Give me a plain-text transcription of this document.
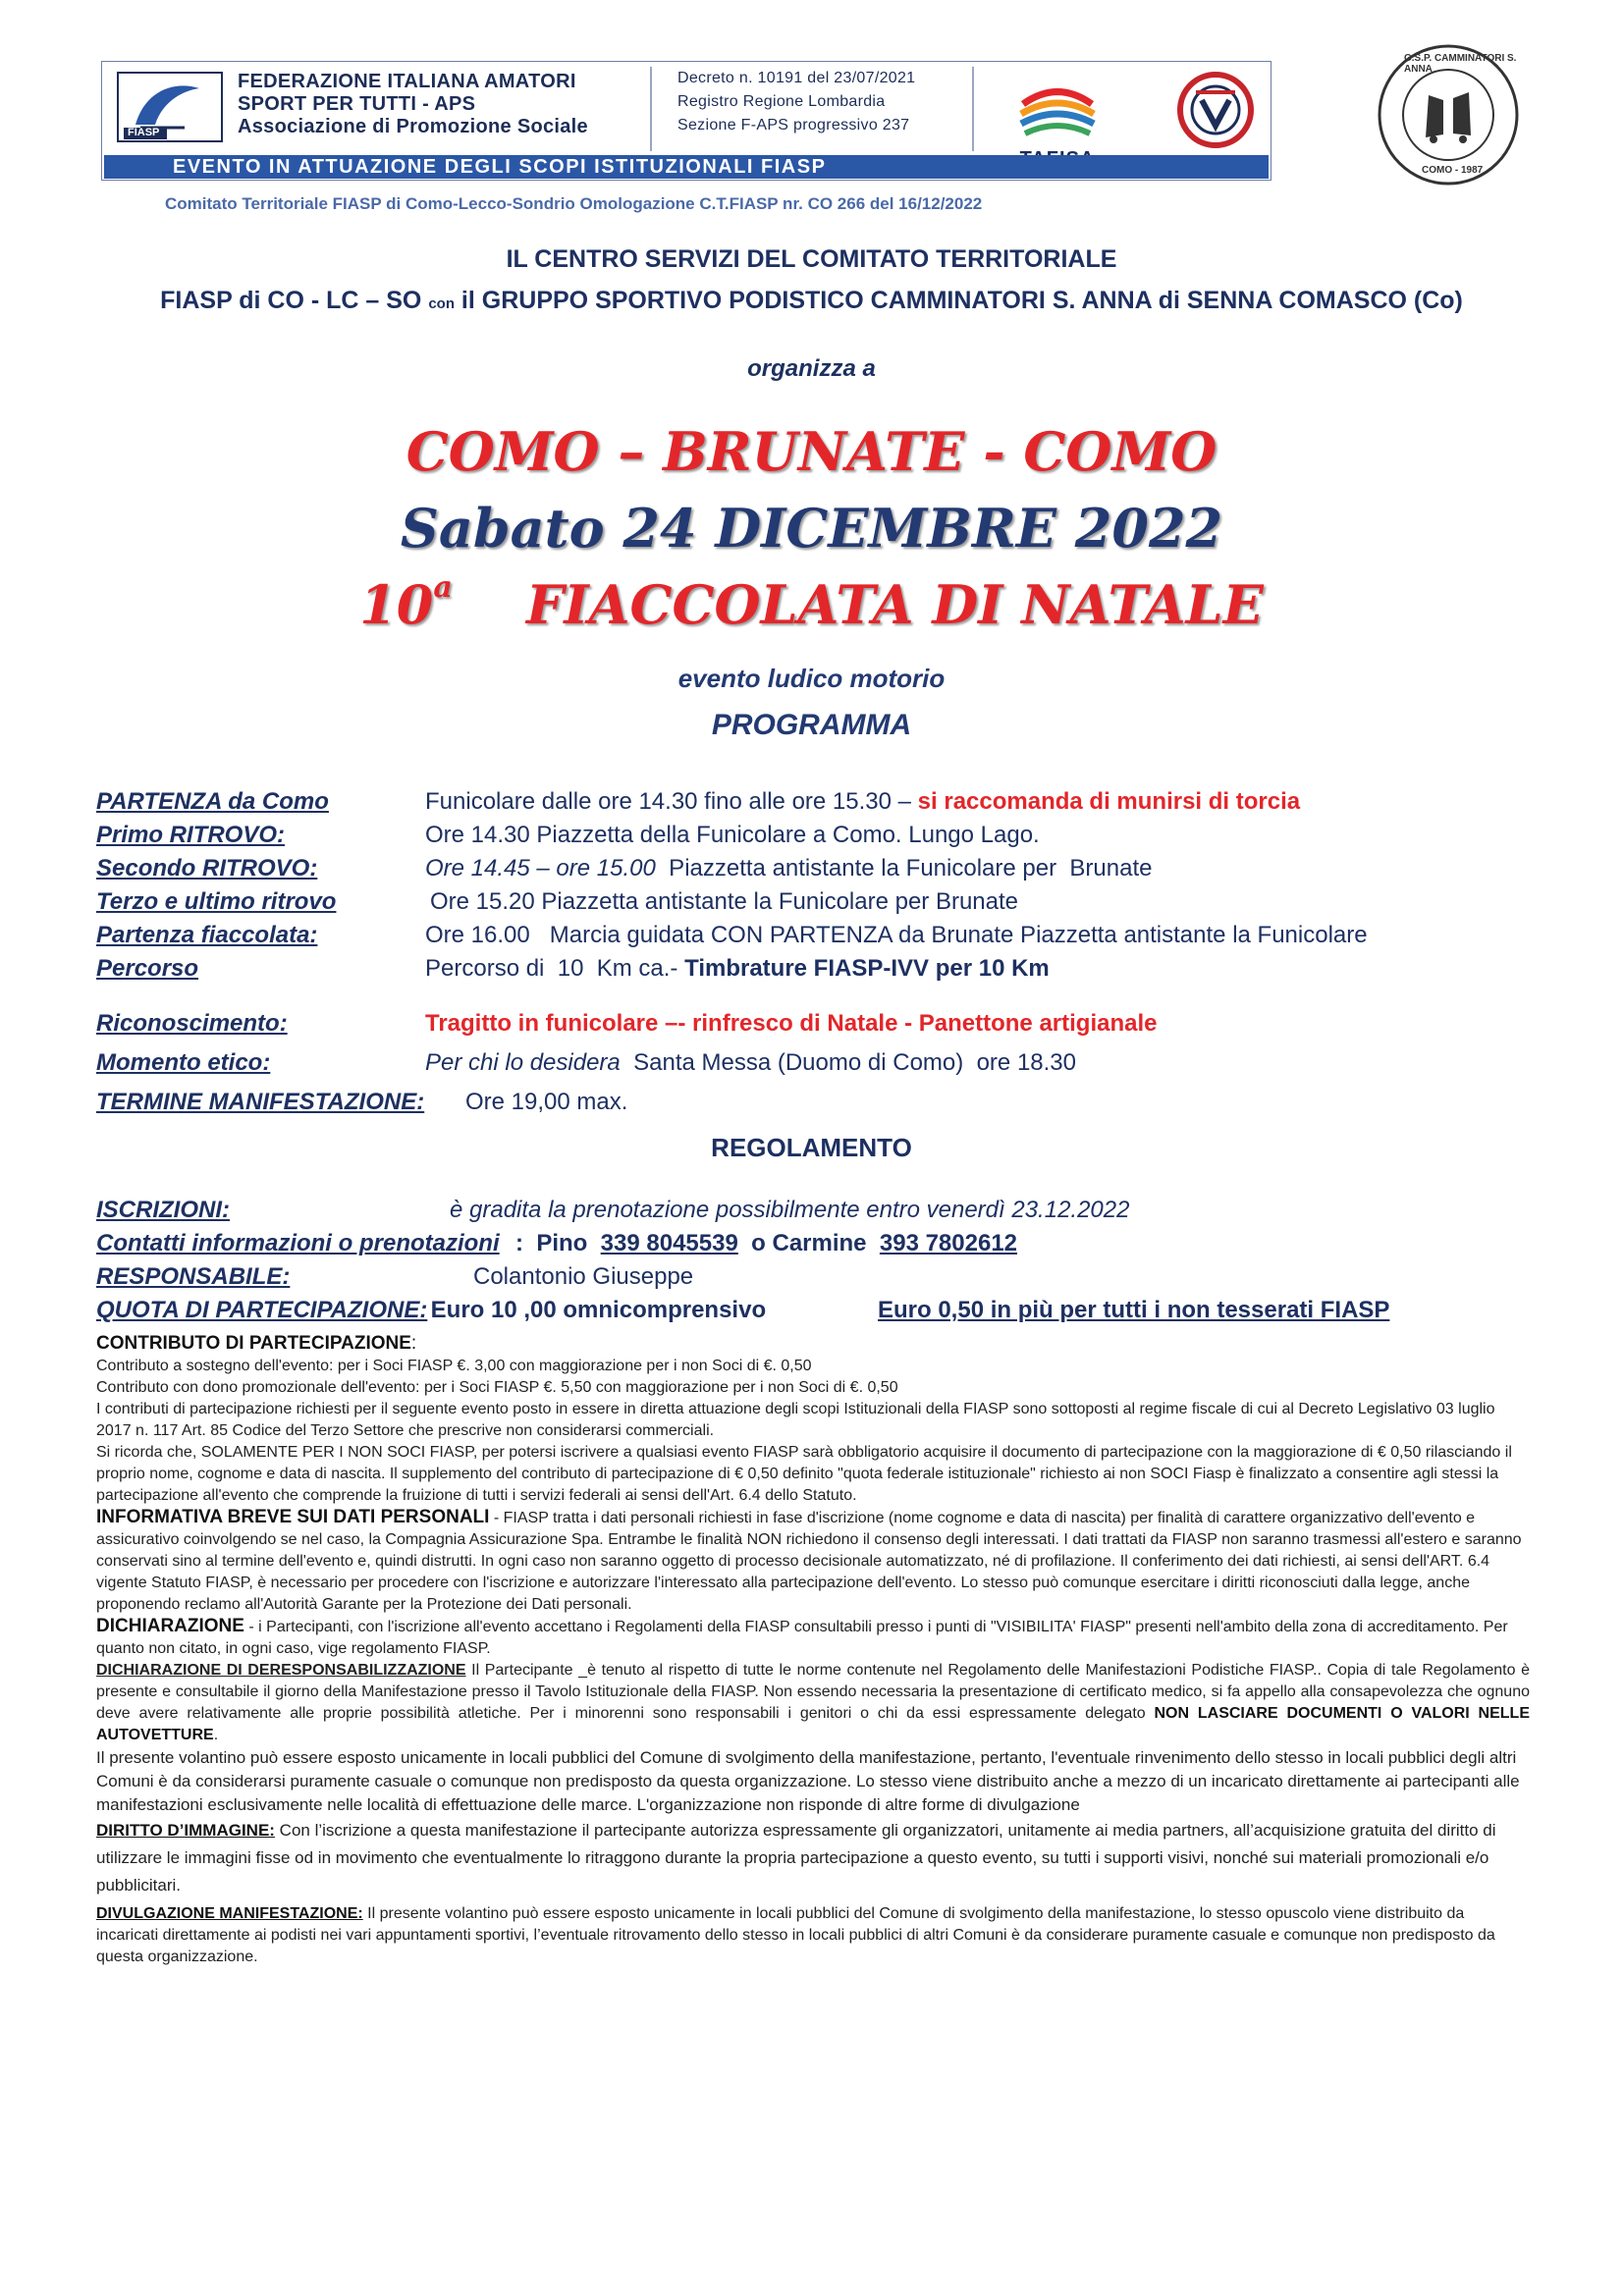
FIASP
FEDERAZIONE ITALIANA AMATORI
SPORT PER TUTTI - APS
Associazione di Promozione Sociale
Decreto n. 10191 del 23/07/2021
Registro Regione Lombardia
Sezione F-APS progressivo 237
EVENTO IN ATTUAZIONE DEGLI SCOPI ISTITUZIONALI FIASP
G.S.P. CAMMINATORI S. ANNA
COMO - 1987
Comitato Territoriale FIASP di Como-Lecco-Sondrio Omologazione C.T.FIASP nr. CO 266 del 16/12/2022
IL CENTRO SERVIZI DEL COMITATO TERRITORIALE
FIASP di CO - LC – SO con il GRUPPO SPORTIVO PODISTICO CAMMINATORI S. ANNA di SENNA COMASCO (Co)
organizza a
COMO – BRUNATE - COMO
Sabato 24 DICEMBRE 2022
10$^a$    FIACCOLATA DI NATALE
evento ludico motorio
PROGRAMMA
PARTENZA da Como	Funicolare dalle ore 14.30 fino alle ore 15.30 – si raccomanda di munirsi di torcia
Primo RITROVO:	Ore 14.30 Piazzetta della Funicolare a Como. Lungo Lago.
Secondo RITROVO:	Ore 14.45 – ore 15.00  Piazzetta antistante la Funicolare per  Brunate
Terzo e ultimo ritrovo	Ore 15.20 Piazzetta antistante la Funicolare per Brunate
Partenza fiaccolata:	Ore 16.00   Marcia guidata CON PARTENZA da Brunate Piazzetta antistante la Funicolare
Percorso	Percorso di  10  Km ca.- Timbrature FIASP-IVV per 10 Km
Riconoscimento:	Tragitto in funicolare –- rinfresco di Natale - Panettone artigianale
Momento etico:	Per chi lo desidera  Santa Messa (Duomo di Como)  ore 18.30
TERMINE MANIFESTAZIONE: Ore 19,00 max.
REGOLAMENTO
ISCRIZIONI:	è gradita la prenotazione possibilmente entro venerdì 23.12.2022
Contatti informazioni o prenotazioni :  Pino  339 8045539  o Carmine  393 7802612
RESPONSABILE:	Colantonio Giuseppe
QUOTA DI PARTECIPAZIONE:
Euro 10 ,00 omnicomprensivo	Euro 0,50 in più per tutti i non tesserati FIASP
CONTRIBUTO DI PARTECIPAZIONE:
Contributo a sostegno dell'evento: per i Soci FIASP €. 3,00 con maggiorazione per i non Soci di €. 0,50
Contributo con dono promozionale dell'evento: per i Soci FIASP €. 5,50 con maggiorazione per i non Soci di €. 0,50
I contributi di partecipazione richiesti per il seguente evento posto in essere in diretta attuazione degli scopi Istituzionali della FIASP sono sottoposti al regime fiscale di cui al Decreto Legislativo 03 luglio 2017 n. 117 Art. 85 Codice del Terzo Settore che prescrive non considerarsi commerciali.
Si ricorda che, SOLAMENTE PER I NON SOCI FIASP, per potersi iscrivere a qualsiasi evento FIASP sarà obbligatorio acquisire il documento di partecipazione con la maggiorazione di € 0,50 rilasciando il proprio nome, cognome e data di nascita. Il supplemento del contributo di partecipazione di € 0,50 definito "quota federale istituzionale" richiesto ai non SOCI Fiasp è finalizzato a consentire agli stessi la partecipazione all'evento che comprende la fruizione di tutti i servizi federali ai sensi dell'Art. 6.4 dello Statuto.
INFORMATIVA BREVE SUI DATI PERSONALI - FIASP tratta i dati personali richiesti in fase d'iscrizione (nome cognome e data di nascita) per finalità di carattere organizzativo dell'evento e assicurativo coinvolgendo se nel caso, la Compagnia Assicurazione Spa. Entrambe le finalità NON richiedono il consenso degli interessati. I dati trattati da FIASP non saranno trasmessi all'estero e saranno conservati sino al termine dell'evento e, quindi distrutti. In ogni caso non saranno oggetto di processo decisionale automatizzato, né di profilazione. Il conferimento dei dati richiesti, ai sensi dell'ART. 6.4 vigente Statuto FIASP, è necessario per procedere con l'iscrizione e autorizzare l'interessato alla partecipazione dell'evento. Lo stesso può comunque esercitare i diritti riconosciuti dalla legge, anche proponendo reclamo all'Autorità Garante per la Protezione dei Dati personali.
DICHIARAZIONE - i Partecipanti, con l'iscrizione all'evento accettano i Regolamenti della FIASP consultabili presso i punti di "VISIBILITA' FIASP" presenti nell'ambito della zona di accreditamento. Per quanto non citato, in ogni caso, vige regolamento FIASP.
DICHIARAZIONE DI DERESPONSABILIZZAZIONE Il Partecipante _è tenuto al rispetto di tutte le norme contenute nel Regolamento delle Manifestazioni Podistiche FIASP.. Copia di tale Regolamento è presente e consultabile il giorno della Manifestazione presso il Tavolo Istituzionale della FIASP. Non essendo necessaria la presentazione di certificato medico, si fa appello alla consapevolezza che ognuno deve avere relativamente alle proprie possibilità atletiche. Per i minorenni sono responsabili i genitori o chi da essi espressamente delegato NON LASCIARE DOCUMENTI O VALORI NELLE AUTOVETTURE.
Il presente volantino può essere esposto unicamente in locali pubblici del Comune di svolgimento della manifestazione, pertanto, l'eventuale rinvenimento dello stesso in locali pubblici degli altri Comuni è da considerarsi puramente casuale o comunque non predisposto da questa organizzazione. Lo stesso viene distribuito anche a mezzo di un incaricato direttamente ai partecipanti alle manifestazioni esclusivamente nelle località di effettuazione delle marce. L'organizzazione non risponde di altre forme di divulgazione
DIRITTO D’IMMAGINE: Con l’iscrizione a questa manifestazione il partecipante autorizza espressamente gli organizzatori, unitamente ai media partners, all’acquisizione gratuita del diritto di utilizzare le immagini fisse od in movimento che eventualmente lo ritraggono durante la propria partecipazione a questo evento, su tutti i supporti visivi, nonché sui materiali promozionali e/o pubblicitari.
DIVULGAZIONE MANIFESTAZIONE: Il presente volantino può essere esposto unicamente in locali pubblici del Comune di svolgimento della manifestazione, lo stesso opuscolo viene distribuito da incaricati direttamente ai podisti nei vari appuntamenti sportivi, l’eventuale ritrovamento dello stesso in locali pubblici di altri Comuni è da considerare puramente casuale e comunque non predisposto da questa organizzazione.
